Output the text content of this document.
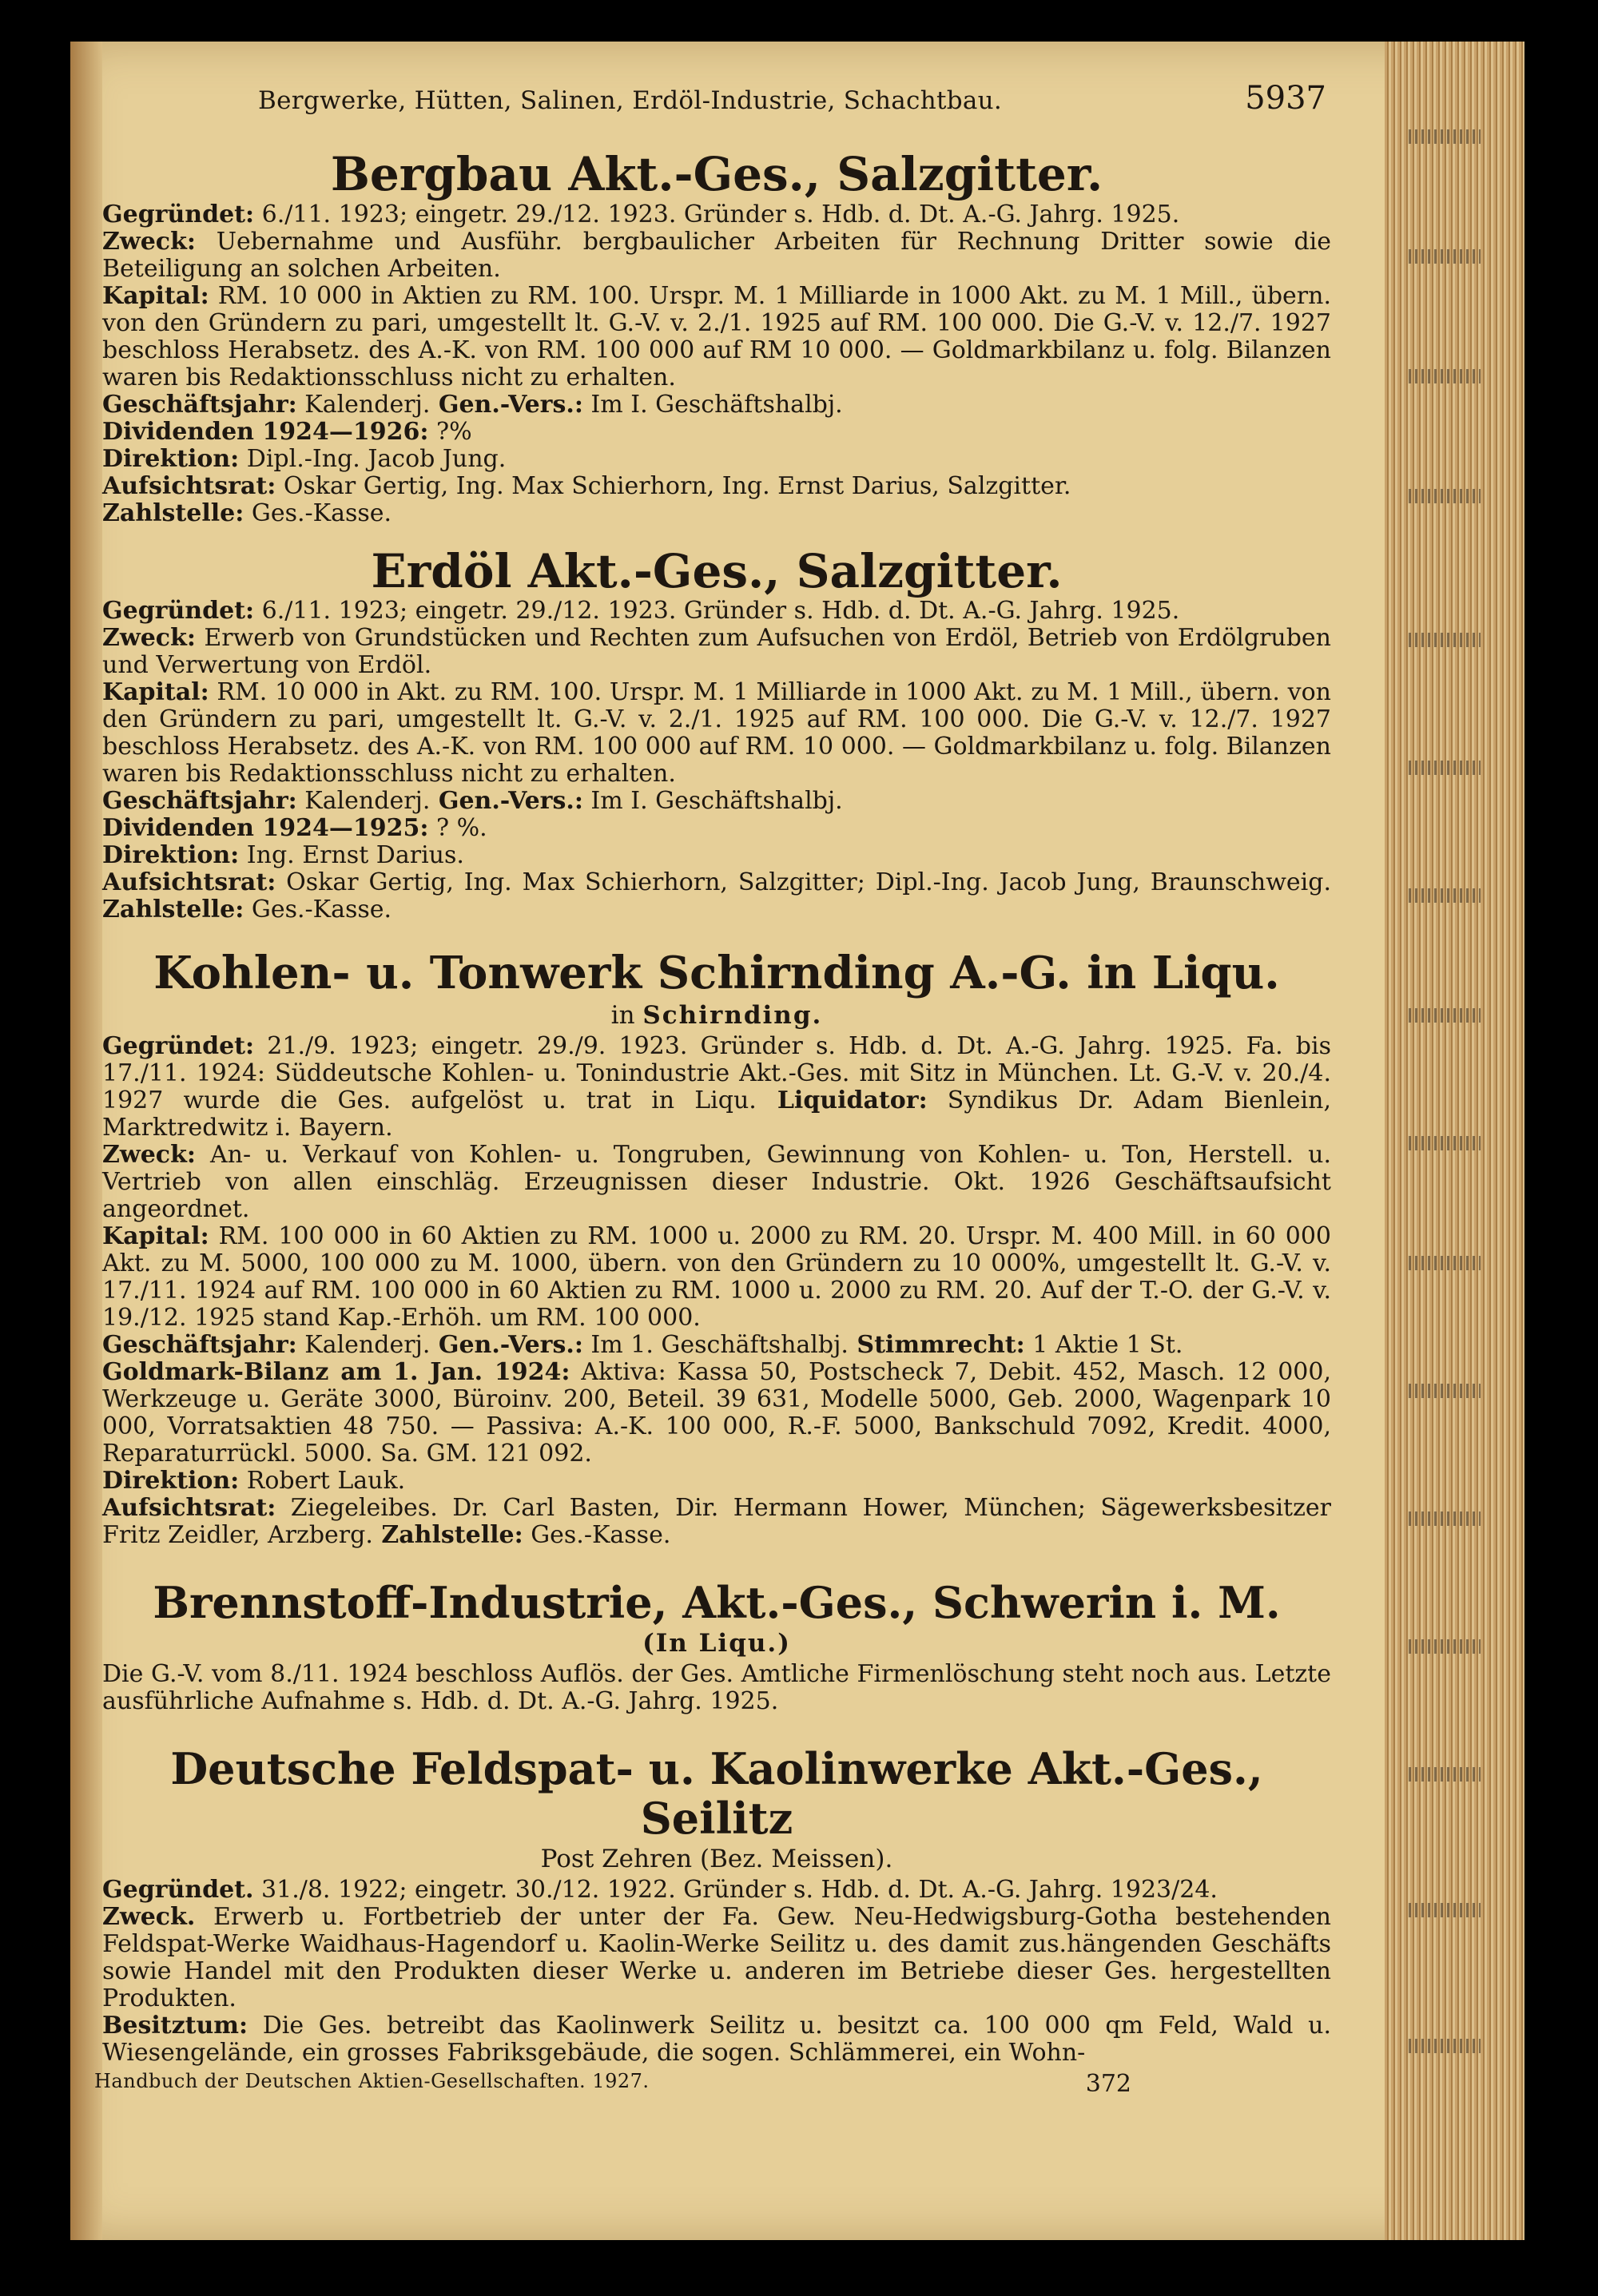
Bergwerke, Hütten, Salinen, Erdöl-Industrie, Schachtbau.	5937
Bergbau Akt.-Ges., Salzgitter.

Gegründet: 6./11. 1923; eingetr. 29./12. 1923. Gründer s. Hdb. d. Dt. A.-G. Jahrg. 1925.

Zweck: Uebernahme und Ausführ. bergbaulicher Arbeiten für Rechnung Dritter sowie die Beteiligung an solchen Arbeiten.

Kapital: RM. 10 000 in Aktien zu RM. 100. Urspr. M. 1 Milliarde in 1000 Akt. zu M. 1 Mill., übern. von den Gründern zu pari, umgestellt lt. G.-V. v. 2./1. 1925 auf RM. 100 000. Die G.-V. v. 12./7. 1927 beschloss Herabsetz. des A.-K. von RM. 100 000 auf RM 10 000. — Goldmarkbilanz u. folg. Bilanzen waren bis Redaktionsschluss nicht zu erhalten.

Geschäftsjahr: Kalenderj. Gen.-Vers.: Im I. Geschäftshalbj.

Dividenden 1924—1926: ?%

Direktion: Dipl.-Ing. Jacob Jung.

Aufsichtsrat: Oskar Gertig, Ing. Max Schierhorn, Ing. Ernst Darius, Salzgitter.

Zahlstelle: Ges.-Kasse.

Erdöl Akt.-Ges., Salzgitter.

Gegründet: 6./11. 1923; eingetr. 29./12. 1923. Gründer s. Hdb. d. Dt. A.-G. Jahrg. 1925.

Zweck: Erwerb von Grundstücken und Rechten zum Aufsuchen von Erdöl, Betrieb von Erdölgruben und Verwertung von Erdöl.

Kapital: RM. 10 000 in Akt. zu RM. 100. Urspr. M. 1 Milliarde in 1000 Akt. zu M. 1 Mill., übern. von den Gründern zu pari, umgestellt lt. G.-V. v. 2./1. 1925 auf RM. 100 000. Die G.-V. v. 12./7. 1927 beschloss Herabsetz. des A.-K. von RM. 100 000 auf RM. 10 000. — Goldmarkbilanz u. folg. Bilanzen waren bis Redaktionsschluss nicht zu erhalten.

Geschäftsjahr: Kalenderj. Gen.-Vers.: Im I. Geschäftshalbj.

Dividenden 1924—1925: ? %.

Direktion: Ing. Ernst Darius.

Aufsichtsrat: Oskar Gertig, Ing. Max Schierhorn, Salzgitter; Dipl.-Ing. Jacob Jung, Braunschweig. Zahlstelle: Ges.-Kasse.

Kohlen- u. Tonwerk Schirnding A.-G. in Liqu.
in Schirnding.

Gegründet: 21./9. 1923; eingetr. 29./9. 1923. Gründer s. Hdb. d. Dt. A.-G. Jahrg. 1925. Fa. bis 17./11. 1924: Süddeutsche Kohlen- u. Tonindustrie Akt.-Ges. mit Sitz in München. Lt. G.-V. v. 20./4. 1927 wurde die Ges. aufgelöst u. trat in Liqu. Liquidator: Syndikus Dr. Adam Bienlein, Marktredwitz i. Bayern.

Zweck: An- u. Verkauf von Kohlen- u. Tongruben, Gewinnung von Kohlen- u. Ton, Herstell. u. Vertrieb von allen einschläg. Erzeugnissen dieser Industrie. Okt. 1926 Geschäftsaufsicht angeordnet.

Kapital: RM. 100 000 in 60 Aktien zu RM. 1000 u. 2000 zu RM. 20. Urspr. M. 400 Mill. in 60 000 Akt. zu M. 5000, 100 000 zu M. 1000, übern. von den Gründern zu 10 000%, umgestellt lt. G.-V. v. 17./11. 1924 auf RM. 100 000 in 60 Aktien zu RM. 1000 u. 2000 zu RM. 20. Auf der T.-O. der G.-V. v. 19./12. 1925 stand Kap.-Erhöh. um RM. 100 000.

Geschäftsjahr: Kalenderj. Gen.-Vers.: Im 1. Geschäftshalbj. Stimmrecht: 1 Aktie 1 St.

Goldmark-Bilanz am 1. Jan. 1924: Aktiva: Kassa 50, Postscheck 7, Debit. 452, Masch. 12 000, Werkzeuge u. Geräte 3000, Büroinv. 200, Beteil. 39 631, Modelle 5000, Geb. 2000, Wagenpark 10 000, Vorratsaktien 48 750. — Passiva: A.-K. 100 000, R.-F. 5000, Bankschuld 7092, Kredit. 4000, Reparaturrückl. 5000. Sa. GM. 121 092.

Direktion: Robert Lauk.

Aufsichtsrat: Ziegeleibes. Dr. Carl Basten, Dir. Hermann Hower, München; Sägewerksbesitzer Fritz Zeidler, Arzberg. Zahlstelle: Ges.-Kasse.

Brennstoff-Industrie, Akt.-Ges., Schwerin i. M.
(In Liqu.)

Die G.-V. vom 8./11. 1924 beschloss Auflös. der Ges. Amtliche Firmenlöschung steht noch aus. Letzte ausführliche Aufnahme s. Hdb. d. Dt. A.-G. Jahrg. 1925.

Deutsche Feldspat- u. Kaolinwerke Akt.-Ges., Seilitz
Post Zehren (Bez. Meissen).

Gegründet. 31./8. 1922; eingetr. 30./12. 1922. Gründer s. Hdb. d. Dt. A.-G. Jahrg. 1923/24.

Zweck. Erwerb u. Fortbetrieb der unter der Fa. Gew. Neu-Hedwigsburg-Gotha bestehenden Feldspat-Werke Waidhaus-Hagendorf u. Kaolin-Werke Seilitz u. des damit zus.hängenden Geschäfts sowie Handel mit den Produkten dieser Werke u. anderen im Betriebe dieser Ges. hergestellten Produkten.

Besitztum: Die Ges. betreibt das Kaolinwerk Seilitz u. besitzt ca. 100 000 qm Feld, Wald u. Wiesengelände, ein grosses Fabriksgebäude, die sogen. Schlämmerei, ein Wohn-

Handbuch der Deutschen Aktien-Gesellschaften. 1927.	372
